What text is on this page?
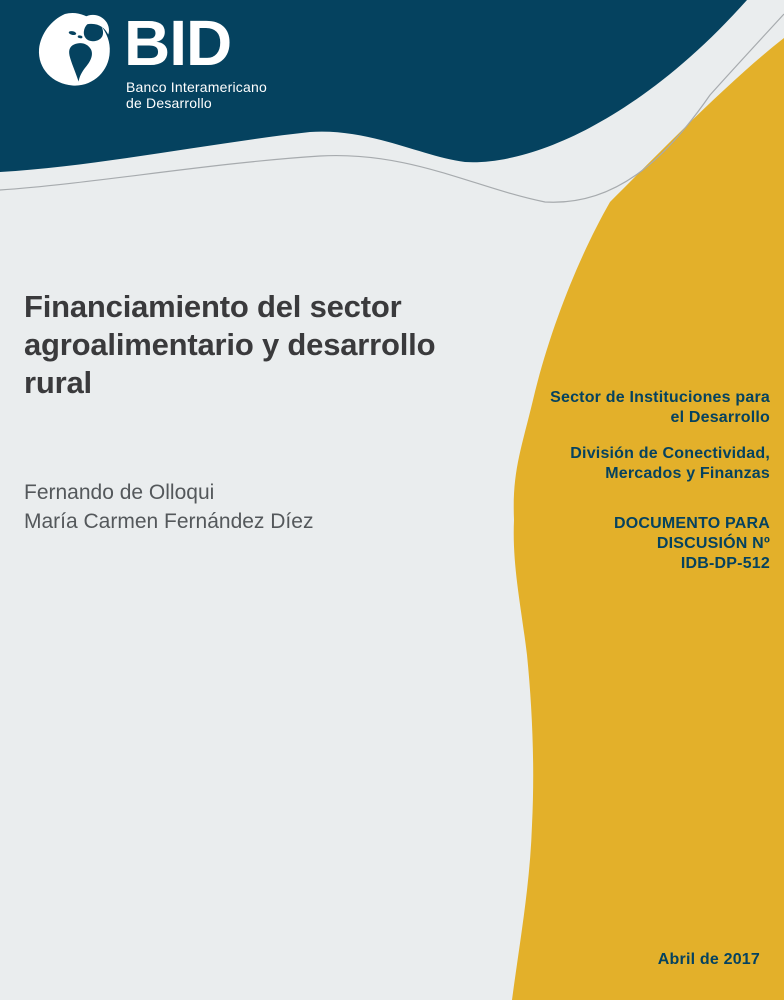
BID
Banco Interamericano
de Desarrollo
Financiamiento del sector
agroalimentario y desarrollo
rural
Fernando de Olloqui
María Carmen Fernández Díez
Sector de Instituciones para
el Desarrollo
División de Conectividad,
Mercados y Finanzas
DOCUMENTO PARA
DISCUSIÓN Nº
IDB-DP-512
Abril de 2017
